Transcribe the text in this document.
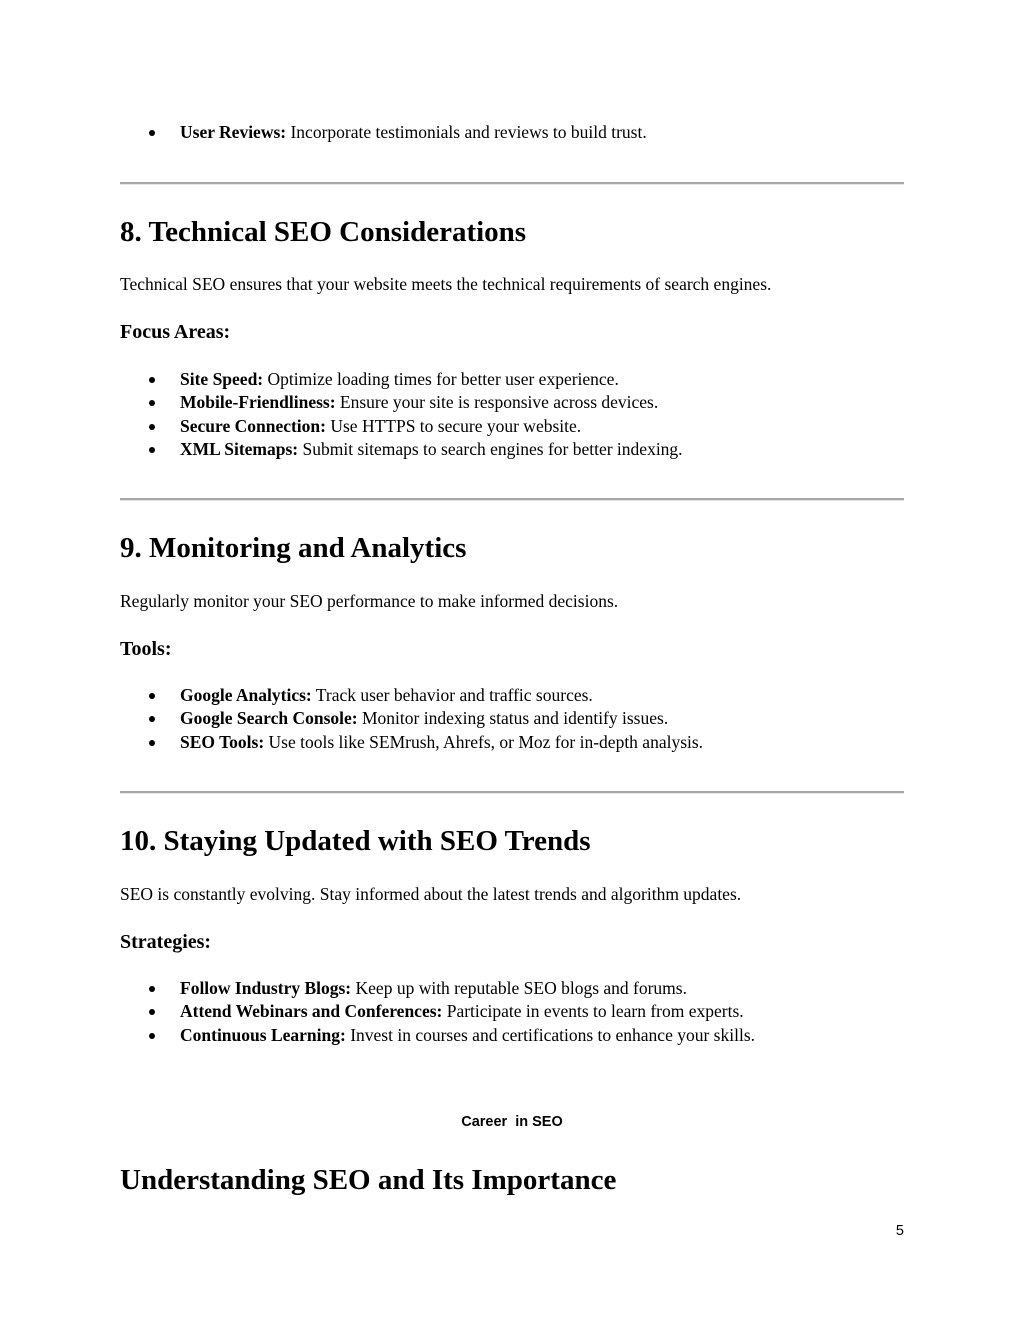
User Reviews: Incorporate testimonials and reviews to build trust.
8. Technical SEO Considerations

Technical SEO ensures that your website meets the technical requirements of search engines.

Focus Areas:
Site Speed: Optimize loading times for better user experience.
Mobile-Friendliness: Ensure your site is responsive across devices.
Secure Connection: Use HTTPS to secure your website.
XML Sitemaps: Submit sitemaps to search engines for better indexing.
9. Monitoring and Analytics

Regularly monitor your SEO performance to make informed decisions.

Tools:
Google Analytics: Track user behavior and traffic sources.
Google Search Console: Monitor indexing status and identify issues.
SEO Tools: Use tools like SEMrush, Ahrefs, or Moz for in-depth analysis.
10. Staying Updated with SEO Trends

SEO is constantly evolving. Stay informed about the latest trends and algorithm updates.

Strategies:
Follow Industry Blogs: Keep up with reputable SEO blogs and forums.
Attend Webinars and Conferences: Participate in events to learn from experts.
Continuous Learning: Invest in courses and certifications to enhance your skills.
Career  in SEO
Understanding SEO and Its Importance
5
